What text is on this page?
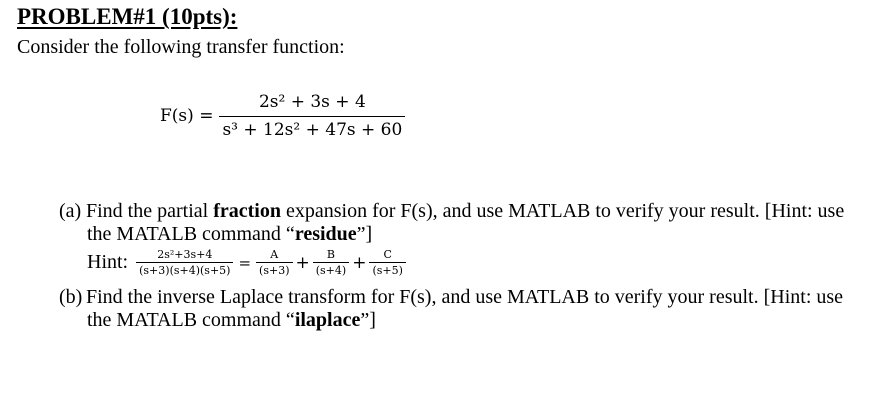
PROBLEM#1 (10pts):
Consider the following transfer function:
$F(s) = \frac{\text{2s² + 3s + 4}}{\text{s³ + 12s² + 47s + 60}}$
(a) Find the partial fraction expansion for F(s), and use MATLAB to verify your result. [Hint: use
the MATALB command “residue”]
Hint: $\frac{\text{2s²+3s+4}}{(s+3)(s+4)(s+5)} = \frac{A}{(s+3)} + \frac{B}{(s+4)} + \frac{C}{(s+5)}$
(b) Find the inverse Laplace transform for F(s), and use MATLAB to verify your result. [Hint: use
the MATALB command “ilaplace”]
